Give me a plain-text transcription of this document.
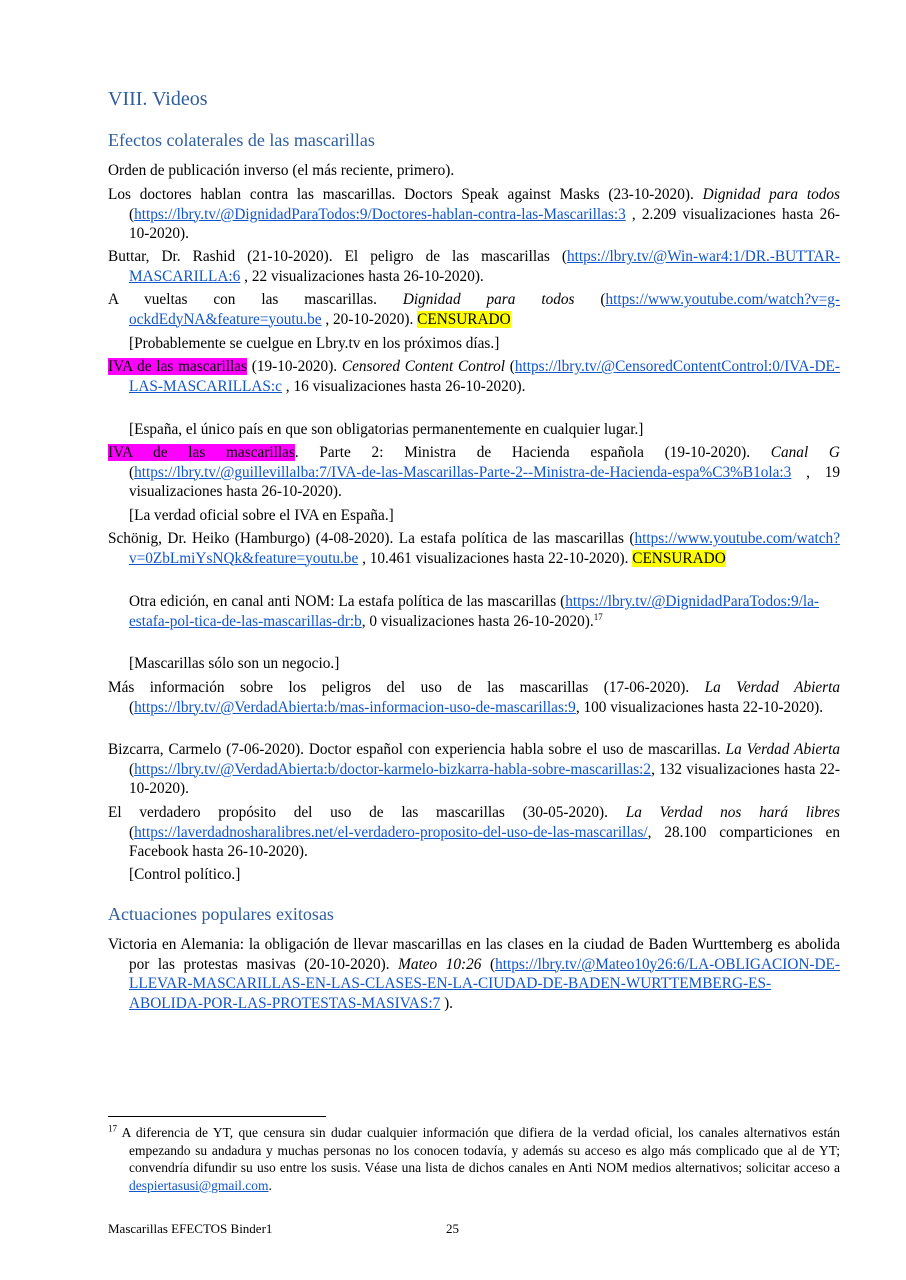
VIII. Videos
Efectos colaterales de las mascarillas
Orden de publicación inverso (el más reciente, primero).
Los doctores hablan contra las mascarillas. Doctors Speak against Masks (23-10-2020). Dignidad para todos (https://lbry.tv/@DignidadParaTodos:9/Doctores-hablan-contra-las-Mascarillas:3 , 2.209 visualizaciones hasta 26-10-2020).
Buttar, Dr. Rashid (21-10-2020). El peligro de las mascarillas (https://lbry.tv/@Win-war4:1/DR.-BUTTAR-MASCARILLA:6 , 22 visualizaciones hasta 26-10-2020).
A vueltas con las mascarillas. Dignidad para todos (https://www.youtube.com/watch?v=g-ockdEdyNA&feature=youtu.be , 20-10-2020). CENSURADO
[Probablemente se cuelgue en Lbry.tv en los próximos días.]
IVA de las mascarillas (19-10-2020). Censored Content Control (https://lbry.tv/@CensoredContentControl:0/IVA-DE-LAS-MASCARILLAS:c , 16 visualizaciones hasta 26-10-2020).
[España, el único país en que son obligatorias permanentemente en cualquier lugar.]
IVA de las mascarillas. Parte 2: Ministra de Hacienda española (19-10-2020). Canal G (https://lbry.tv/@guillevillalba:7/IVA-de-las-Mascarillas-Parte-2--Ministra-de-Hacienda-espa%C3%B1ola:3 , 19 visualizaciones hasta 26-10-2020).
[La verdad oficial sobre el IVA en España.]
Schönig, Dr. Heiko (Hamburgo) (4-08-2020). La estafa política de las mascarillas (https://www.youtube.com/watch?v=0ZbLmiYsNQk&feature=youtu.be , 10.461 visualizaciones hasta 22-10-2020). CENSURADO
Otra edición, en canal anti NOM: La estafa política de las mascarillas (https://lbry.tv/@DignidadParaTodos:9/la-estafa-pol-tica-de-las-mascarillas-dr:b, 0 visualizaciones hasta 26-10-2020).$^{17}$
[Mascarillas sólo son un negocio.]
Más información sobre los peligros del uso de las mascarillas (17-06-2020). La Verdad Abierta (https://lbry.tv/@VerdadAbierta:b/mas-informacion-uso-de-mascarillas:9, 100 visualizaciones hasta 22-10-2020).
Bizcarra, Carmelo (7-06-2020). Doctor español con experiencia habla sobre el uso de mascarillas. La Verdad Abierta (https://lbry.tv/@VerdadAbierta:b/doctor-karmelo-bizkarra-habla-sobre-mascarillas:2, 132 visualizaciones hasta 22-10-2020).
El verdadero propósito del uso de las mascarillas (30-05-2020). La Verdad nos hará libres (https://laverdadnosharalibres.net/el-verdadero-proposito-del-uso-de-las-mascarillas/, 28.100 comparticiones en Facebook hasta 26-10-2020).
[Control político.]
Actuaciones populares exitosas
Victoria en Alemania: la obligación de llevar mascarillas en las clases en la ciudad de Baden Wurttemberg es abolida por las protestas masivas (20-10-2020). Mateo 10:26 (https://lbry.tv/@Mateo10y26:6/LA-OBLIGACION-DE-LLEVAR-MASCARILLAS-EN-LAS-CLASES-EN-LA-CIUDAD-DE-BADEN-WURTTEMBERG-ES-ABOLIDA-POR-LAS-PROTESTAS-MASIVAS:7 ).
$^{17}$ A diferencia de YT, que censura sin dudar cualquier información que difiera de la verdad oficial, los canales alternativos están empezando su andadura y muchas personas no los conocen todavía, y además su acceso es algo más complicado que al de YT; convendría difundir su uso entre los susis. Véase una lista de dichos canales en Anti NOM medios alternativos; solicitar acceso a despiertasusi@gmail.com.
Mascarillas EFECTOS Binder1	25
